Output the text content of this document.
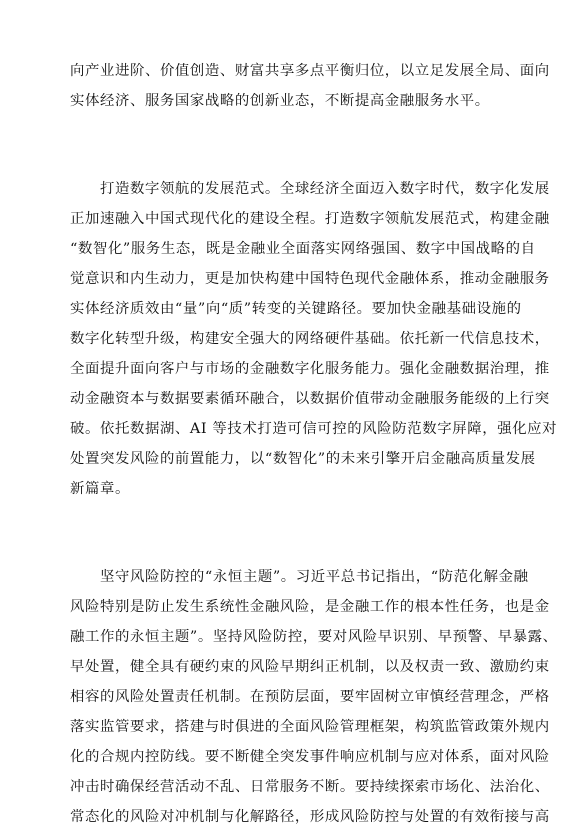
向产业进阶、价值创造、财富共享多点平衡归位，以立足发展全局、面向
实体经济、服务国家战略的创新业态，不断提高金融服务水平。
　　打造数字领航的发展范式。全球经济全面迈入数字时代，数字化发展
正加速融入中国式现代化的建设全程。打造数字领航发展范式，构建金融
“数智化”服务生态，既是金融业全面落实网络强国、数字中国战略的自
觉意识和内生动力，更是加快构建中国特色现代金融体系，推动金融服务
实体经济质效由“量”向“质”转变的关键路径。要加快金融基础设施的
数字化转型升级，构建安全强大的网络硬件基础。依托新一代信息技术，
全面提升面向客户与市场的金融数字化服务能力。强化金融数据治理，推
动金融资本与数据要素循环融合，以数据价值带动金融服务能级的上行突
破。依托数据湖、AI 等技术打造可信可控的风险防范数字屏障，强化应对
处置突发风险的前置能力，以“数智化”的未来引擎开启金融高质量发展
新篇章。
　　坚守风险防控的“永恒主题”。习近平总书记指出，“防范化解金融
风险特别是防止发生系统性金融风险，是金融工作的根本性任务，也是金
融工作的永恒主题”。坚持风险防控，要对风险早识别、早预警、早暴露、
早处置，健全具有硬约束的风险早期纠正机制，以及权责一致、激励约束
相容的风险处置责任机制。在预防层面，要牢固树立审慎经营理念，严格
落实监管要求，搭建与时俱进的全面风险管理框架，构筑监管政策外规内
化的合规内控防线。要不断健全突发事件响应机制与应对体系，面对风险
冲击时确保经营活动不乱、日常服务不断。要持续探索市场化、法治化、
常态化的风险对冲机制与化解路径，形成风险防控与处置的有效衔接与高
